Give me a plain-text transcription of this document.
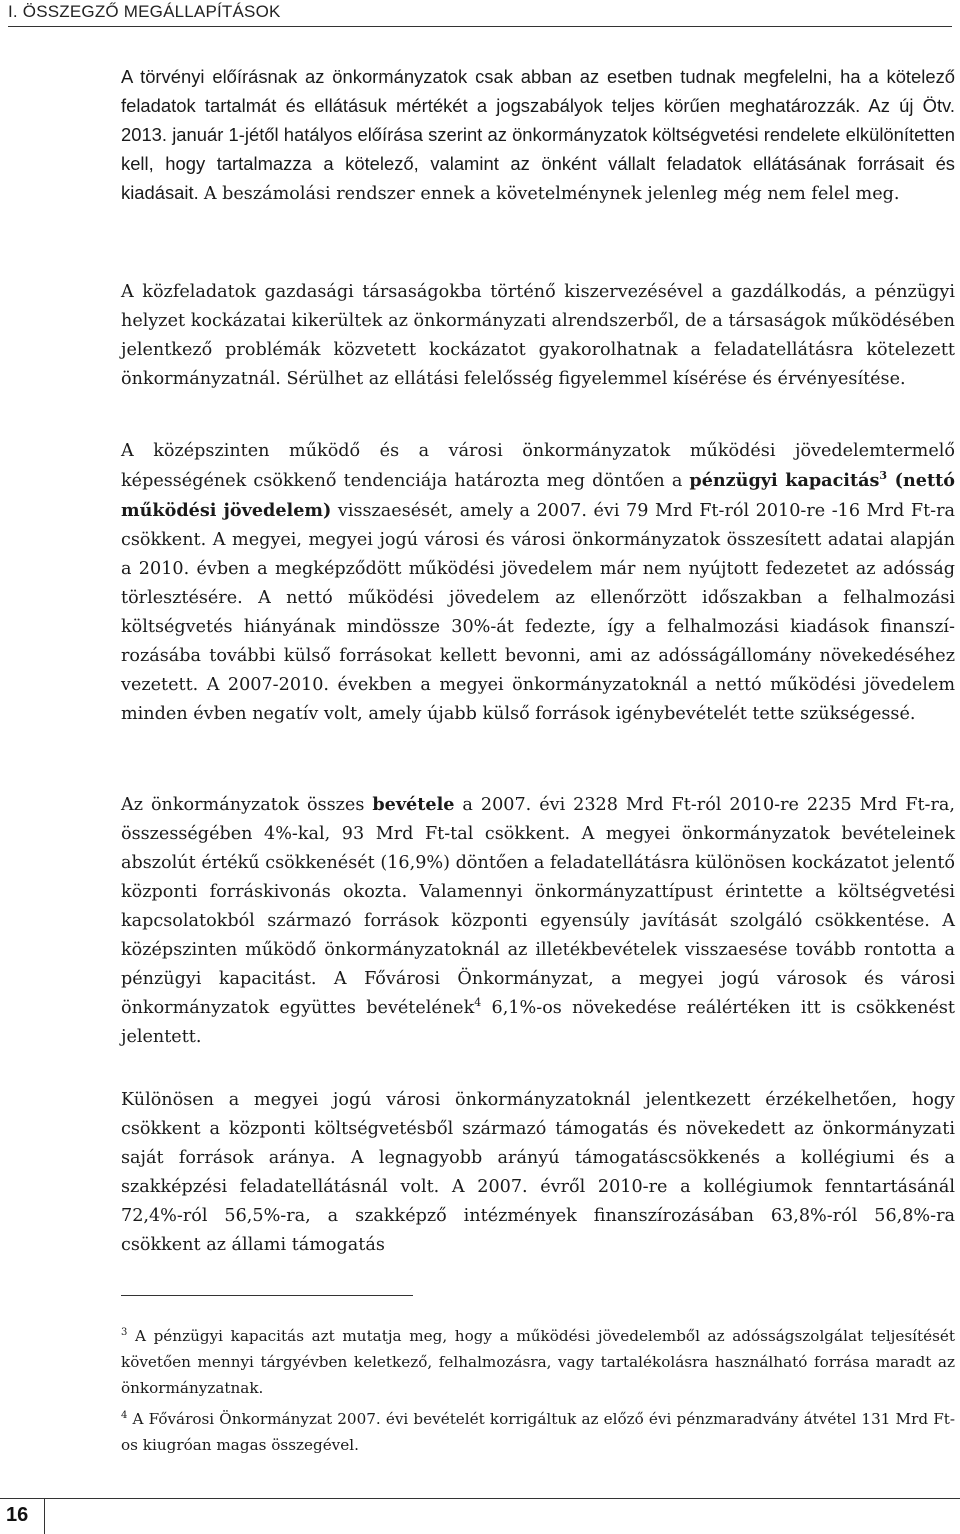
I. ÖSSZEGZŐ MEGÁLLAPÍTÁSOK

A törvényi előírásnak az önkormányzatok csak abban az esetben tudnak megfelelni, ha a kötelező feladatok tartalmát és ellátásuk mértékét a jogszabályok teljes körűen meghatározzák. Az új Ötv. 2013. január 1-jétől hatályos előírása szerint az önkormányzatok költségvetési rendelete elkülönítetten kell, hogy tartalmazza a kötelező, valamint az önként vállalt feladatok ellátásának forrásait és kiadásait. A beszámolási rendszer ennek a követelménynek jelenleg még nem felel meg.

A közfeladatok gazdasági társaságokba történő kiszervezésével a gazdálkodás, a pénzügyi helyzet kockázatai kikerültek az önkormányzati alrendszerből, de a társaságok működésében jelentkező problémák közvetett kockázatot gyakorolhatnak a feladatellátásra kötelezett önkormányzatnál. Sérülhet az ellátási felelősség figyelemmel kísérése és érvényesítése.

A középszinten működő és a városi önkormányzatok működési jövedelemtermelő képességének csökkenő tendenciája határozta meg döntően a pénzügyi kapacitás$^3$ (nettó működési jövedelem) visszaesését, amely a 2007. évi 79 Mrd Ft-ról 2010-re -16 Mrd Ft-ra csökkent. A megyei, megyei jogú városi és városi önkormányzatok összesített adatai alapján a 2010. évben a megképződött működési jövedelem már nem nyújtott fedezetet az adósság törlesztésére. A nettó működési jövedelem az ellenőrzött időszakban a felhalmozási költségvetés hiányának mindössze 30%-át fedezte, így a felhalmozási kiadások finanszírozásába további külső forrásokat kellett bevonni, ami az adósságállomány növekedéséhez vezetett. A 2007-2010. években a megyei önkormányzatoknál a nettó működési jövedelem minden évben negatív volt, amely újabb külső források igénybevételét tette szükségessé.

Az önkormányzatok összes bevétele a 2007. évi 2328 Mrd Ft-ról 2010-re 2235 Mrd Ft-ra, összességében 4%-kal, 93 Mrd Ft-tal csökkent. A megyei önkormányzatok bevételeinek abszolút értékű csökkenését (16,9%) döntően a feladatellátásra különösen kockázatot jelentő központi forráskivonás okozta. Valamennyi önkormányzattípust érintette a költségvetési kapcsolatokból származó források központi egyensúly javítását szolgáló csökkentése. A középszinten működő önkormányzatoknál az illetékbevételek visszaesése tovább rontotta a pénzügyi kapacitást. A Fővárosi Önkormányzat, a megyei jogú városok és városi önkormányzatok együttes bevételének$^4$ 6,1%-os növekedése reálértéken itt is csökkenést jelentett.

Különösen a megyei jogú városi önkormányzatoknál jelentkezett érzékelhetően, hogy csökkent a központi költségvetésből származó támogatás és növekedett az önkormányzati saját források aránya. A legnagyobb arányú támogatáscsökkenés a kollégiumi és a szakképzési feladatellátásnál volt. A 2007. évről 2010-re a kollégiumok fenntartásánál 72,4%-ról 56,5%-ra, a szakképző intézmények finanszírozásában 63,8%-ról 56,8%-ra csökkent az állami támogatás

$^3$ A pénzügyi kapacitás azt mutatja meg, hogy a működési jövedelemből az adósságszolgálat teljesítését követően mennyi tárgyévben keletkező, felhalmozásra, vagy tartalékolásra használható forrása maradt az önkormányzatnak.

$^4$ A Fővárosi Önkormányzat 2007. évi bevételét korrigáltuk az előző évi pénzmaradvány átvétel 131 Mrd Ft-os kiugróan magas összegével.

16
